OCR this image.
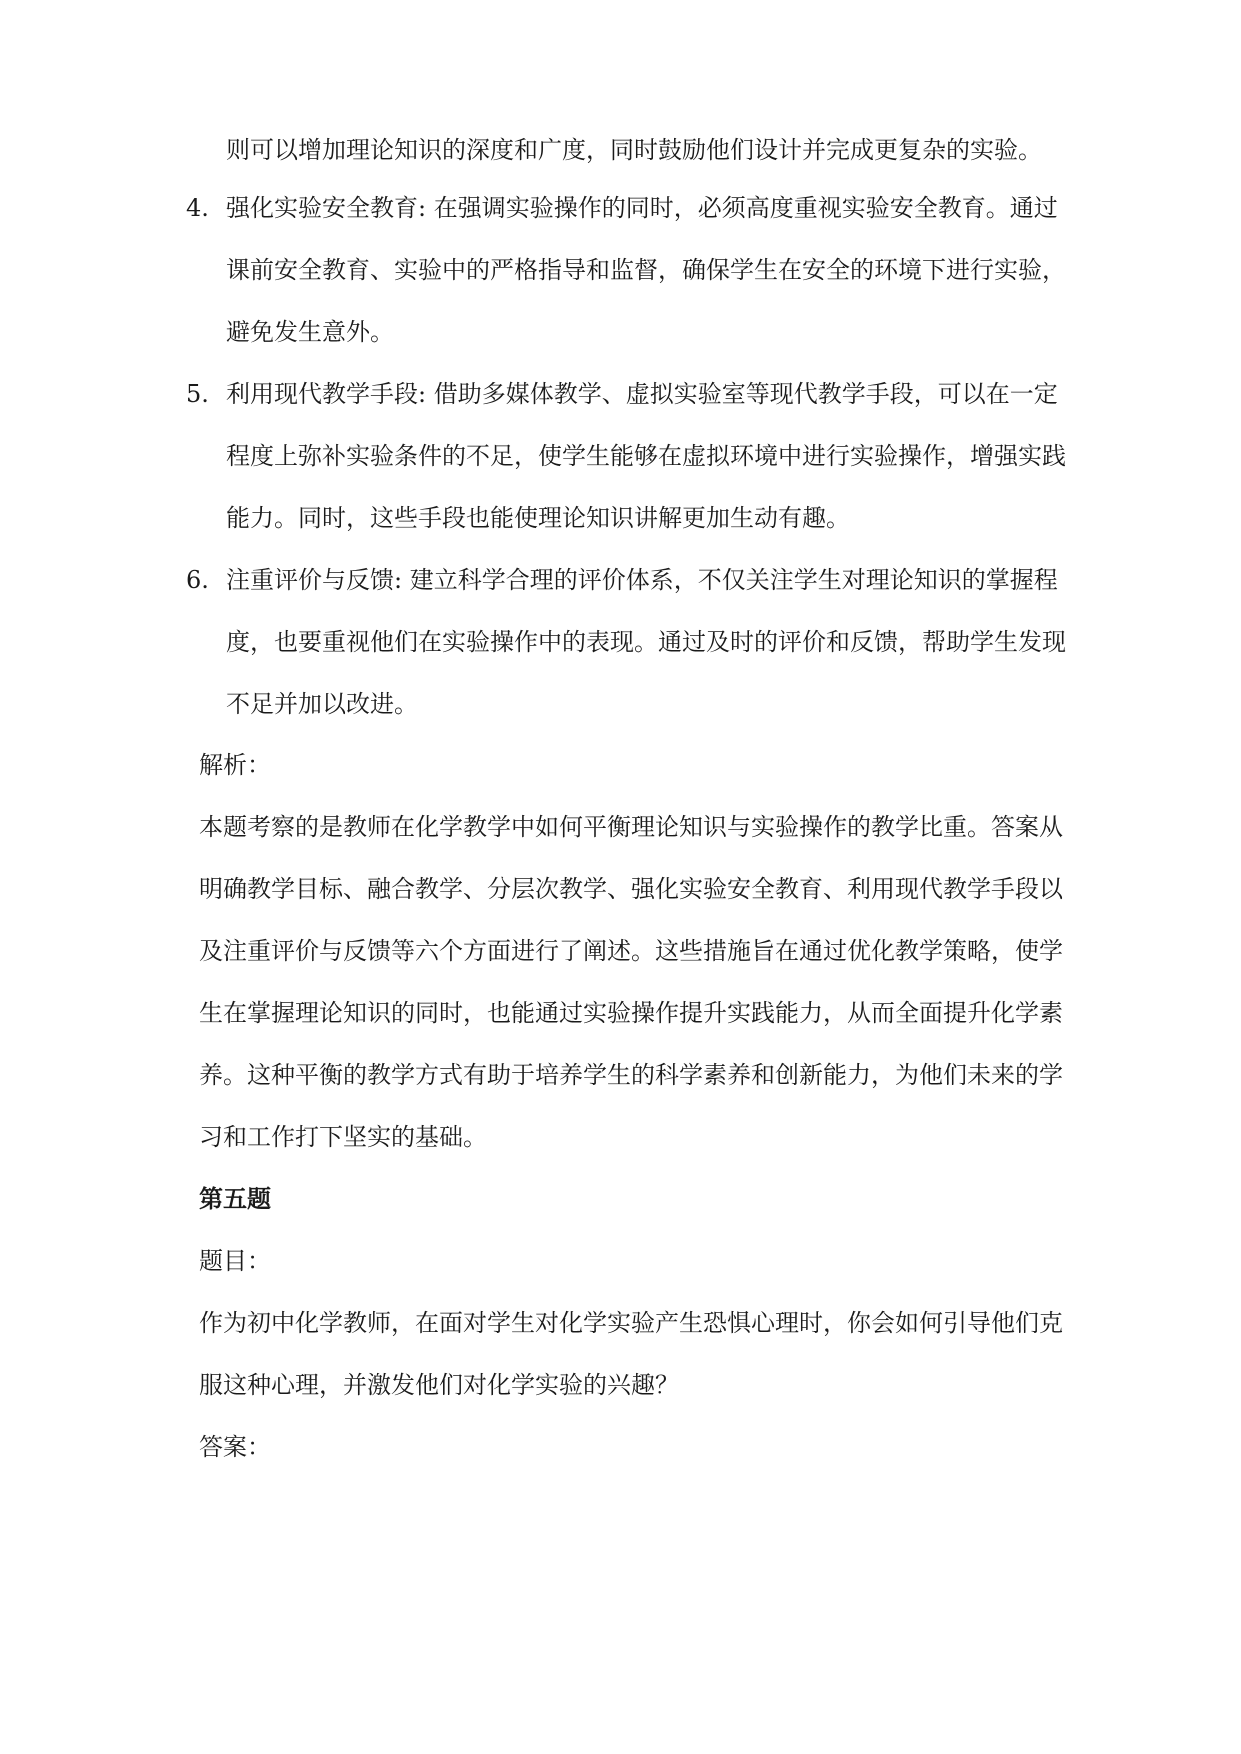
则可以增加理论知识的深度和广度，同时鼓励他们设计并完成更复杂的实验。
4. 强化实验安全教育: 在强调实验操作的同时，必须高度重视实验安全教育。通过
课前安全教育、实验中的严格指导和监督，确保学生在安全的环境下进行实验，
避免发生意外。
5. 利用现代教学手段: 借助多媒体教学、虚拟实验室等现代教学手段，可以在一定
程度上弥补实验条件的不足，使学生能够在虚拟环境中进行实验操作，增强实践
能力。同时，这些手段也能使理论知识讲解更加生动有趣。
6. 注重评价与反馈: 建立科学合理的评价体系，不仅关注学生对理论知识的掌握程
度，也要重视他们在实验操作中的表现。通过及时的评价和反馈，帮助学生发现
不足并加以改进。
解析：
本题考察的是教师在化学教学中如何平衡理论知识与实验操作的教学比重。答案从
明确教学目标、融合教学、分层次教学、强化实验安全教育、利用现代教学手段以
及注重评价与反馈等六个方面进行了阐述。这些措施旨在通过优化教学策略，使学
生在掌握理论知识的同时，也能通过实验操作提升实践能力，从而全面提升化学素
养。这种平衡的教学方式有助于培养学生的科学素养和创新能力，为他们未来的学
习和工作打下坚实的基础。
第五题
题目：
作为初中化学教师，在面对学生对化学实验产生恐惧心理时，你会如何引导他们克
服这种心理，并激发他们对化学实验的兴趣？
答案：
